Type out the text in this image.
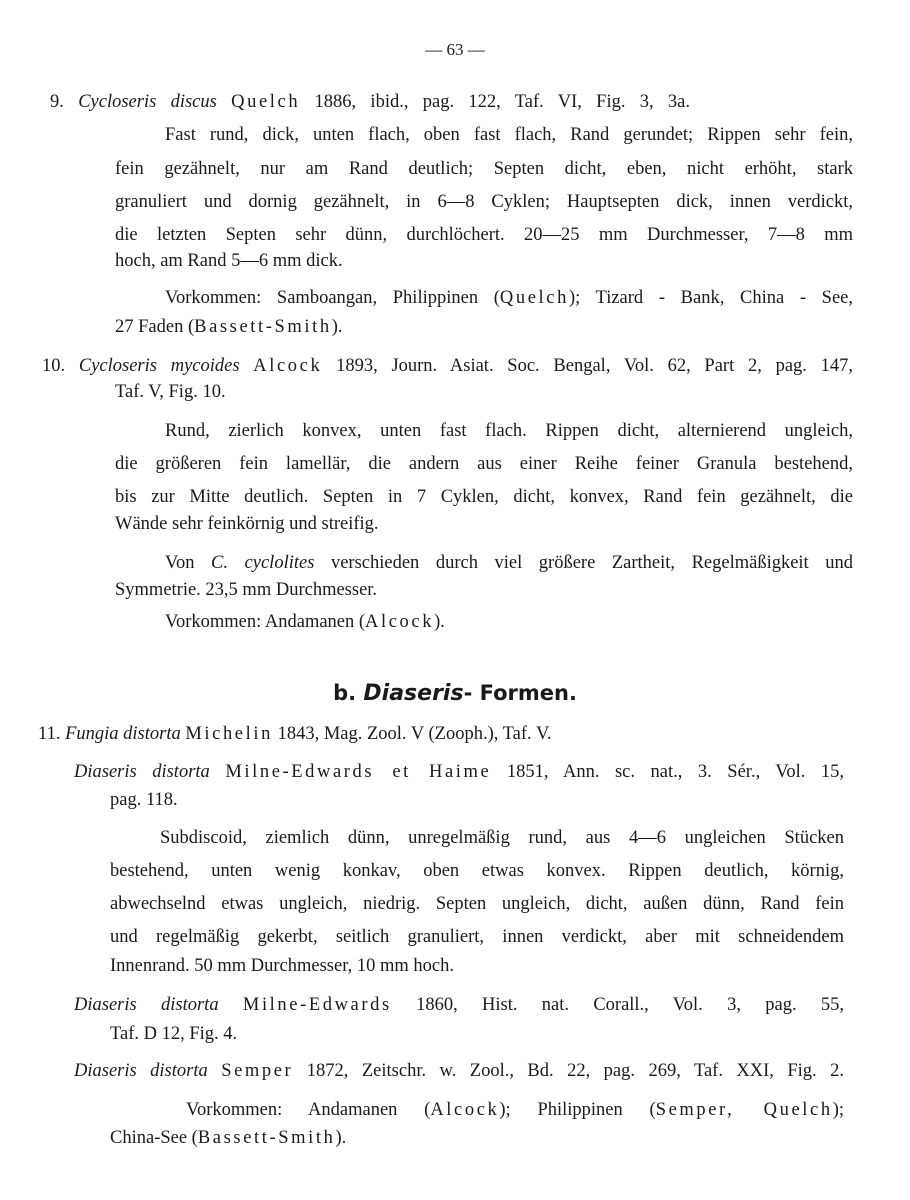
— 63 —

9. Cycloseris discus Quelch 1886, ibid., pag. 122, Taf. VI, Fig. 3, 3a.

Fast rund, dick, unten flach, oben fast flach, Rand gerundet; Rippen sehr fein,

fein gezähnelt, nur am Rand deutlich; Septen dicht, eben, nicht erhöht, stark

granuliert und dornig gezähnelt, in 6—8 Cyklen; Hauptsepten dick, innen verdickt,

die letzten Septen sehr dünn, durchlöchert. 20—25 mm Durchmesser, 7—8 mm

hoch, am Rand 5—6 mm dick.

Vorkommen: Samboangan, Philippinen (Quelch); Tizard - Bank, China - See,

27 Faden (Bassett-Smith).

10. Cycloseris mycoides Alcock 1893, Journ. Asiat. Soc. Bengal, Vol. 62, Part 2, pag. 147,

Taf. V, Fig. 10.

Rund, zierlich konvex, unten fast flach. Rippen dicht, alternierend ungleich,

die größeren fein lamellär, die andern aus einer Reihe feiner Granula bestehend,

bis zur Mitte deutlich. Septen in 7 Cyklen, dicht, konvex, Rand fein gezähnelt, die

Wände sehr feinkörnig und streifig.

Von C. cyclolites verschieden durch viel größere Zartheit, Regelmäßigkeit und

Symmetrie. 23,5 mm Durchmesser.

Vorkommen: Andamanen (Alcock).

b. Diaseris- Formen.

11. Fungia distorta Michelin 1843, Mag. Zool. V (Zooph.), Taf. V.

Diaseris distorta Milne-Edwards et Haime 1851, Ann. sc. nat., 3. Sér., Vol. 15,

pag. 118.

Subdiscoid, ziemlich dünn, unregelmäßig rund, aus 4—6 ungleichen Stücken

bestehend, unten wenig konkav, oben etwas konvex. Rippen deutlich, körnig,

abwechselnd etwas ungleich, niedrig. Septen ungleich, dicht, außen dünn, Rand fein

und regelmäßig gekerbt, seitlich granuliert, innen verdickt, aber mit schneidendem

Innenrand. 50 mm Durchmesser, 10 mm hoch.

Diaseris distorta Milne-Edwards 1860, Hist. nat. Corall., Vol. 3, pag. 55,

Taf. D 12, Fig. 4.

Diaseris distorta Semper 1872, Zeitschr. w. Zool., Bd. 22, pag. 269, Taf. XXI, Fig. 2.

Vorkommen: Andamanen (Alcock); Philippinen (Semper, Quelch);

China-See (Bassett-Smith).
